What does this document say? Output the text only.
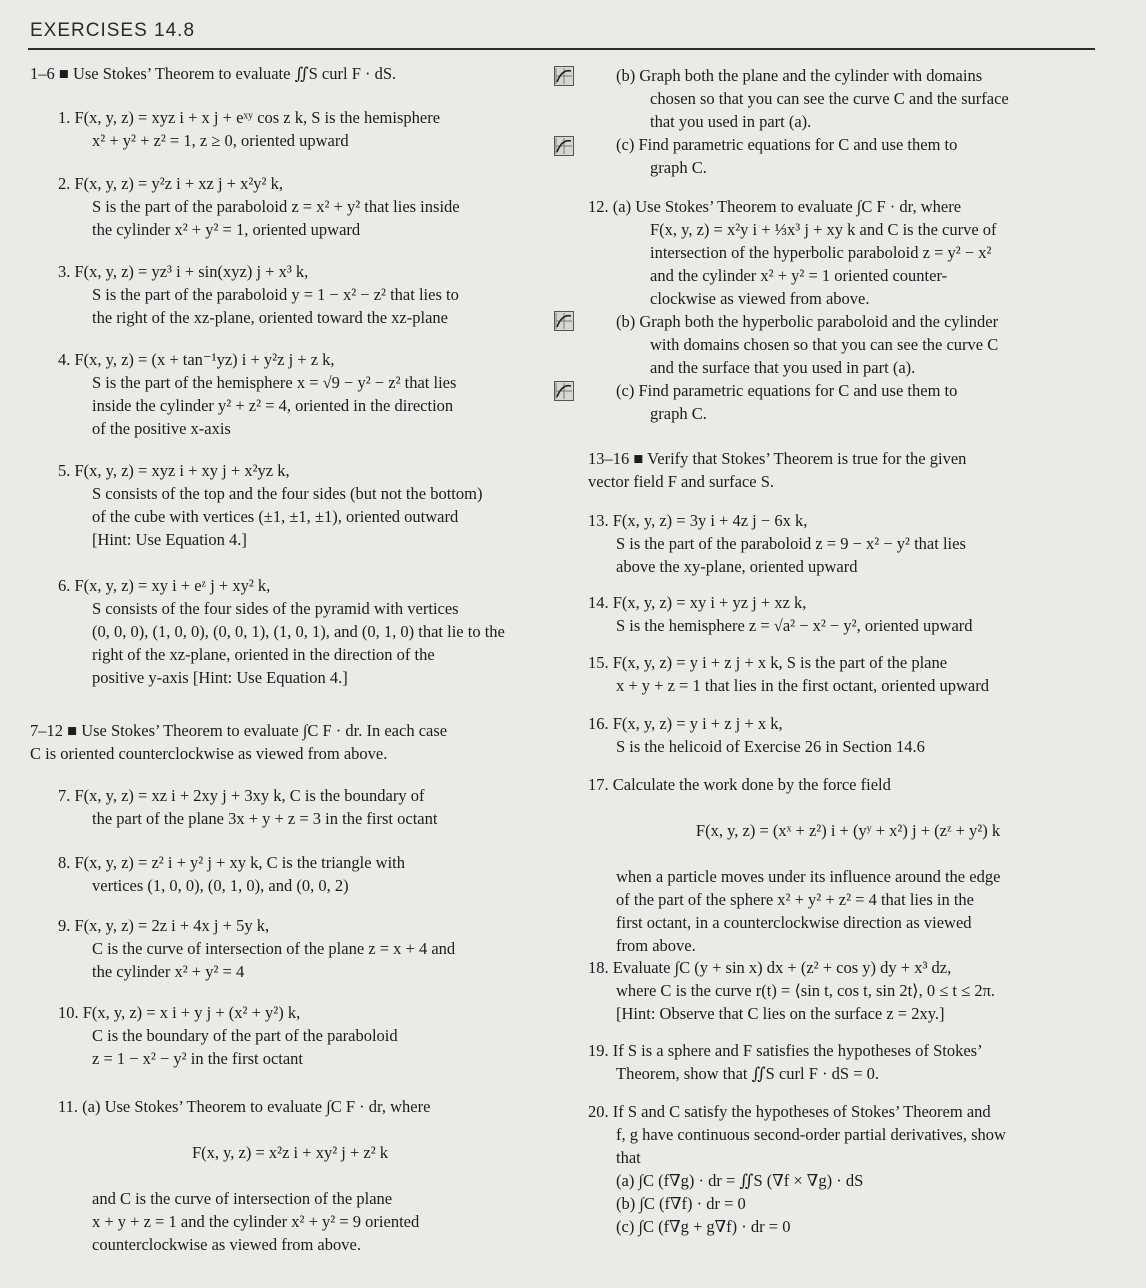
EXERCISES 14.8
1–6 ■ Use Stokes’ Theorem to evaluate ∬S curl F · dS.
1. F(x, y, z) = xyz i + x j + eˣʸ cos z k, S is the hemisphere
x² + y² + z² = 1, z ≥ 0, oriented upward
2. F(x, y, z) = y²z i + xz j + x²y² k,
S is the part of the paraboloid z = x² + y² that lies inside
the cylinder x² + y² = 1, oriented upward
3. F(x, y, z) = yz³ i + sin(xyz) j + x³ k,
S is the part of the paraboloid y = 1 − x² − z² that lies to
the right of the xz-plane, oriented toward the xz-plane
4. F(x, y, z) = (x + tan⁻¹yz) i + y²z j + z k,
S is the part of the hemisphere x = √9 − y² − z² that lies
inside the cylinder y² + z² = 4, oriented in the direction
of the positive x-axis
5. F(x, y, z) = xyz i + xy j + x²yz k,
S consists of the top and the four sides (but not the bottom)
of the cube with vertices (±1, ±1, ±1), oriented outward
[Hint: Use Equation 4.]
6. F(x, y, z) = xy i + eᶻ j + xy² k,
S consists of the four sides of the pyramid with vertices
(0, 0, 0), (1, 0, 0), (0, 0, 1), (1, 0, 1), and (0, 1, 0) that lie to the
right of the xz-plane, oriented in the direction of the
positive y-axis [Hint: Use Equation 4.]
7–12 ■ Use Stokes’ Theorem to evaluate ∫C F · dr. In each case
C is oriented counterclockwise as viewed from above.
7. F(x, y, z) = xz i + 2xy j + 3xy k, C is the boundary of
the part of the plane 3x + y + z = 3 in the first octant
8. F(x, y, z) = z² i + y² j + xy k, C is the triangle with
vertices (1, 0, 0), (0, 1, 0), and (0, 0, 2)
9. F(x, y, z) = 2z i + 4x j + 5y k,
C is the curve of intersection of the plane z = x + 4 and
the cylinder x² + y² = 4
10. F(x, y, z) = x i + y j + (x² + y²) k,
C is the boundary of the part of the paraboloid
z = 1 − x² − y² in the first octant
11. (a) Use Stokes’ Theorem to evaluate ∫C F · dr, where
F(x, y, z) = x²z i + xy² j + z² k
and C is the curve of intersection of the plane
x + y + z = 1 and the cylinder x² + y² = 9 oriented
counterclockwise as viewed from above.
(b) Graph both the plane and the cylinder with domains
chosen so that you can see the curve C and the surface
that you used in part (a).
(c) Find parametric equations for C and use them to
graph C.
12. (a) Use Stokes’ Theorem to evaluate ∫C F · dr, where
F(x, y, z) = x²y i + ⅓x³ j + xy k and C is the curve of
intersection of the hyperbolic paraboloid z = y² − x²
and the cylinder x² + y² = 1 oriented counter-
clockwise as viewed from above.
(b) Graph both the hyperbolic paraboloid and the cylinder
with domains chosen so that you can see the curve C
and the surface that you used in part (a).
(c) Find parametric equations for C and use them to
graph C.
13–16 ■ Verify that Stokes’ Theorem is true for the given
vector field F and surface S.
13. F(x, y, z) = 3y i + 4z j − 6x k,
S is the part of the paraboloid z = 9 − x² − y² that lies
above the xy-plane, oriented upward
14. F(x, y, z) = xy i + yz j + xz k,
S is the hemisphere z = √a² − x² − y², oriented upward
15. F(x, y, z) = y i + z j + x k, S is the part of the plane
x + y + z = 1 that lies in the first octant, oriented upward
16. F(x, y, z) = y i + z j + x k,
S is the helicoid of Exercise 26 in Section 14.6
17. Calculate the work done by the force field
F(x, y, z) = (xˣ + z²) i + (yʸ + x²) j + (zᶻ + y²) k
when a particle moves under its influence around the edge
of the part of the sphere x² + y² + z² = 4 that lies in the
first octant, in a counterclockwise direction as viewed
from above.
18. Evaluate ∫C (y + sin x) dx + (z² + cos y) dy + x³ dz,
where C is the curve r(t) = ⟨sin t, cos t, sin 2t⟩, 0 ≤ t ≤ 2π.
[Hint: Observe that C lies on the surface z = 2xy.]
19. If S is a sphere and F satisfies the hypotheses of Stokes’
Theorem, show that ∬S curl F · dS = 0.
20. If S and C satisfy the hypotheses of Stokes’ Theorem and
f, g have continuous second-order partial derivatives, show
that
(a) ∫C (f∇g) · dr = ∬S (∇f × ∇g) · dS
(b) ∫C (f∇f) · dr = 0
(c) ∫C (f∇g + g∇f) · dr = 0
